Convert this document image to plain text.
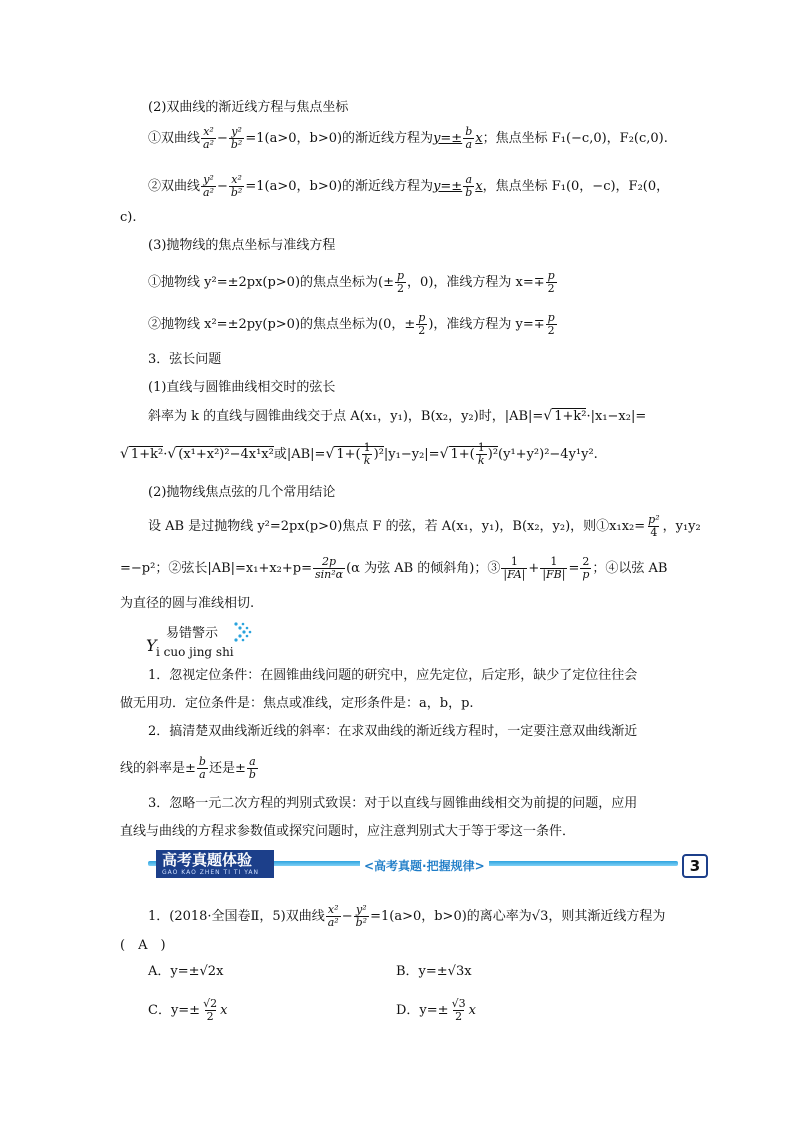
(2)双曲线的渐近线方程与焦点坐标
①双曲线 $\frac{\text{x²}}{\text{a²}} - \frac{\text{y²}}{\text{b²}} =1(a>0$，b>0)的渐近线方程为$y=\pm \frac{b}{a}$ x；焦点坐标 F₁(−c,0)，F₂(c,0).
②双曲线 $\frac{\text{y²}}{\text{a²}} - \frac{\text{x²}}{\text{b²}} =1(a>0$，b>0)的渐近线方程为$y=\pm \frac{a}{b}$ x，焦点坐标 F₁(0，−c)，F₂(0，
c).
(3)抛物线的焦点坐标与准线方程
①抛物线 y²=±2px(p>0)的焦点坐标为(± $\frac{p}{2}$ ，0)，准线方程为 $x=\mp \frac{p}{2}$
②抛物线 x²=±2py(p>0)的焦点坐标为(0，± $\frac{p}{2}$ )，准线方程为 $y=\mp \frac{p}{2}$
3．弦长问题
(1)直线与圆锥曲线相交时的弦长
斜率为 k 的直线与圆锥曲线交于点 A(x₁，y₁)，B(x₂，y₂)时，|AB|=√ 1+k²·|x₁−x₂|=
√ 1+k²·√ (x¹+x²)²−4x¹x²或|AB|=√ $1+( \frac{1}{k} )^2|y_1-y_2|=√$ $1+( \frac{1}{k} )^2(y^1+y^2)^2-4y^1y^2$.
(2)抛物线焦点弦的几个常用结论
设 AB 是过抛物线 y²=2px(p>0)焦点 F 的弦，若 A(x₁，y₁)，B(x₂，y₂)，则①x₁x₂= $\frac{\text{p²}}{4}$ ，y₁y₂
=−p²；②弦长$|AB|=x_1+x_2+p= \frac{2p}{\text{sin²α}} (\alpha$ 为弦 AB 的倾斜角)；③ $\frac{1}{|FA|} + \frac{1}{|FB|} = \frac{2}{p}$ ；④以弦 AB
为直径的圆与准线相切.
易错警示
Y i cuo jing shi
1．忽视定位条件：在圆锥曲线问题的研究中，应先定位，后定形，缺少了定位往往会
做无用功．定位条件是：焦点或准线，定形条件是：a，b，p.
2．搞清楚双曲线渐近线的斜率：在求双曲线的渐近线方程时，一定要注意双曲线渐近
线的斜率是± $\frac{b}{a}$ 还是± $\frac{a}{b}$
3．忽略一元二次方程的判别式致误：对于以直线与圆锥曲线相交为前提的问题，应用
直线与曲线的方程求参数值或探究问题时，应注意判别式大于等于零这一条件．
高考真题体验
GAO KAO ZHEN TI TI YAN	<高考真题·把握规律>	3
1．(2018·全国卷Ⅱ，5)双曲线 $\frac{\text{x²}}{\text{a²}} - \frac{\text{y²}}{\text{b²}} =1(a>0$，b>0)的离心率为√3，则其渐近线方程为
(　A　)
A．y=±√2x	B．y=±√3x
C．$y=\pm \frac{√2}{2}$ x	D．$y=\pm \frac{√3}{2}$ x
